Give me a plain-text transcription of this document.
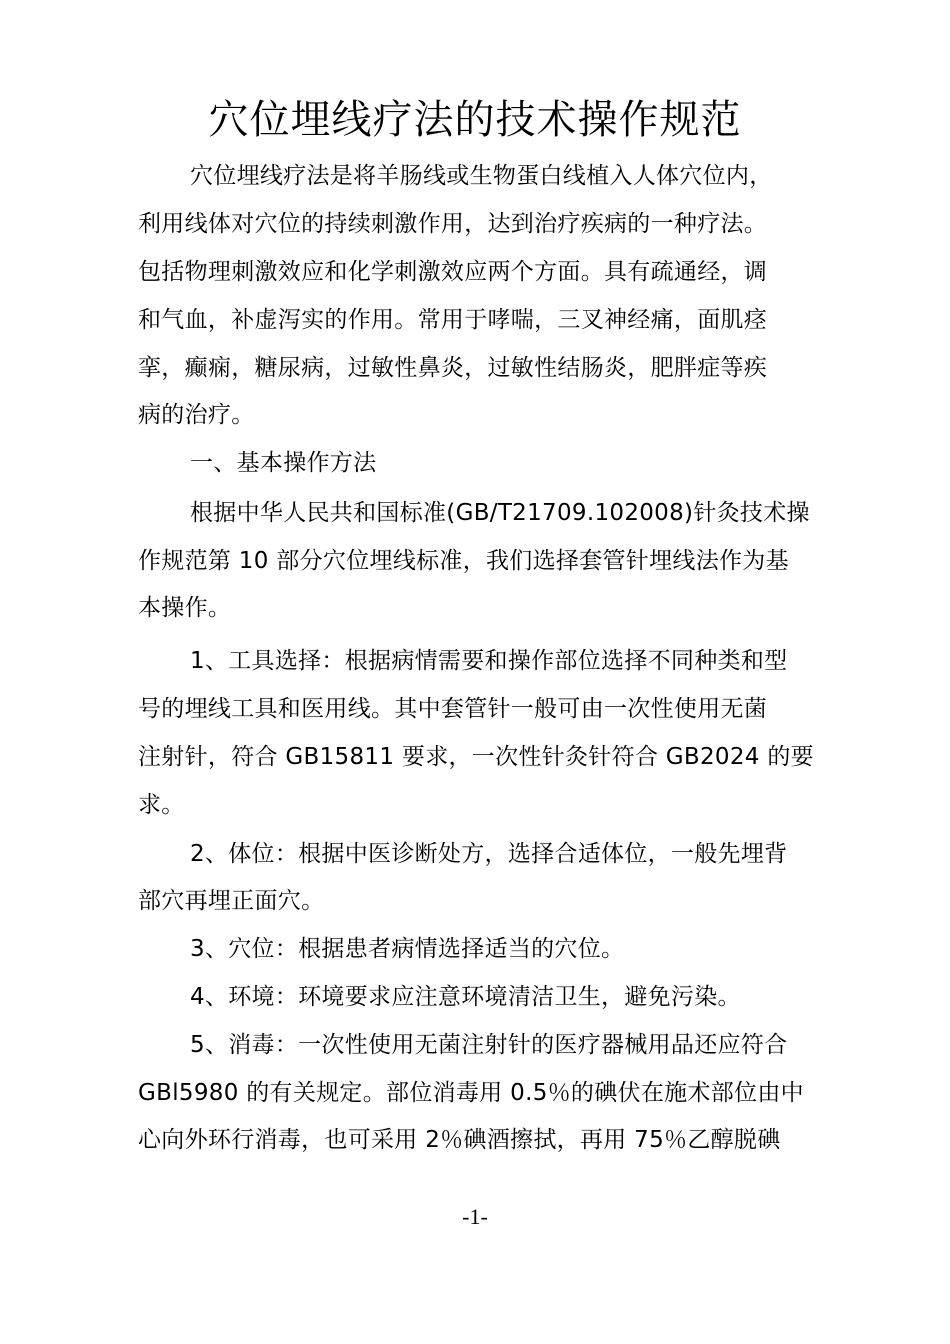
穴位埋线疗法的技术操作规范
穴位埋线疗法是将羊肠线或生物蛋白线植入人体穴位内，
利用线体对穴位的持续刺激作用，达到治疗疾病的一种疗法。
包括物理刺激效应和化学刺激效应两个方面。具有疏通经，调
和气血，补虚泻实的作用。常用于哮喘，三叉神经痛，面肌痉
挛，癫痫，糖尿病，过敏性鼻炎，过敏性结肠炎，肥胖症等疾
病的治疗。
一、基本操作方法
根据中华人民共和国标准(GB/T21709.102008)针灸技术操
作规范第 10 部分穴位埋线标准，我们选择套管针埋线法作为基
本操作。
1、工具选择：根据病情需要和操作部位选择不同种类和型
号的埋线工具和医用线。其中套管针一般可由一次性使用无菌
注射针，符合 GB15811 要求，一次性针灸针符合 GB2024 的要
求。
2、体位：根据中医诊断处方，选择合适体位，一般先埋背
部穴再埋正面穴。
3、穴位：根据患者病情选择适当的穴位。
4、环境：环境要求应注意环境清洁卫生，避免污染。
5、消毒：一次性使用无菌注射针的医疗器械用品还应符合
GBl5980 的有关规定。部位消毒用 0.5％的碘伏在施术部位由中
心向外环行消毒，也可采用 2％碘酒擦拭，再用 75％乙醇脱碘
-1-
